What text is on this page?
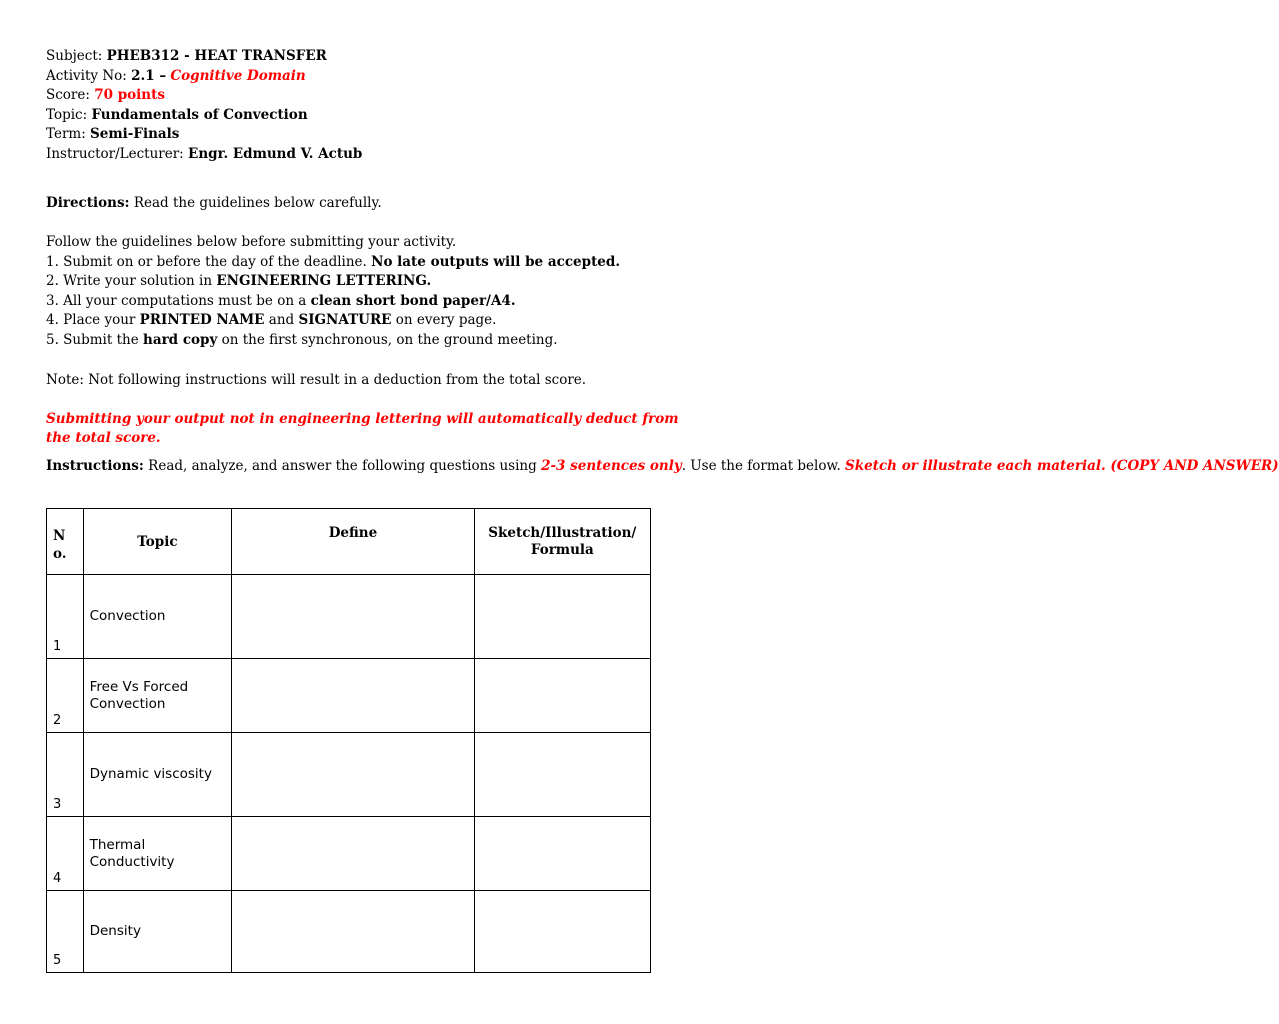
Subject: PHEB312 - HEAT TRANSFER
Activity No: 2.1 – Cognitive Domain
Score: 70 points
Topic: Fundamentals of Convection
Term: Semi-Finals
Instructor/Lecturer: Engr. Edmund V. Actub
Directions: Read the guidelines below carefully.
Follow the guidelines below before submitting your activity.
1. Submit on or before the day of the deadline. No late outputs will be accepted.
2. Write your solution in ENGINEERING LETTERING.
3. All your computations must be on a clean short bond paper/A4.
4. Place your PRINTED NAME and SIGNATURE on every page.
5. Submit the hard copy on the first synchronous, on the ground meeting.
Note: Not following instructions will result in a deduction from the total score.
Submitting your output not in engineering lettering will automatically deduct from the total score.
Instructions: Read, analyze, and answer the following questions using 2-3 sentences only. Use the format below. Sketch or illustrate each material. (COPY AND ANSWER)
N o.	Topic	Define	Sketch/Illustration/ Formula
1	Convection		
2	Free Vs Forced Convection		
3	Dynamic viscosity		
4	Thermal Conductivity		
5	Density		
